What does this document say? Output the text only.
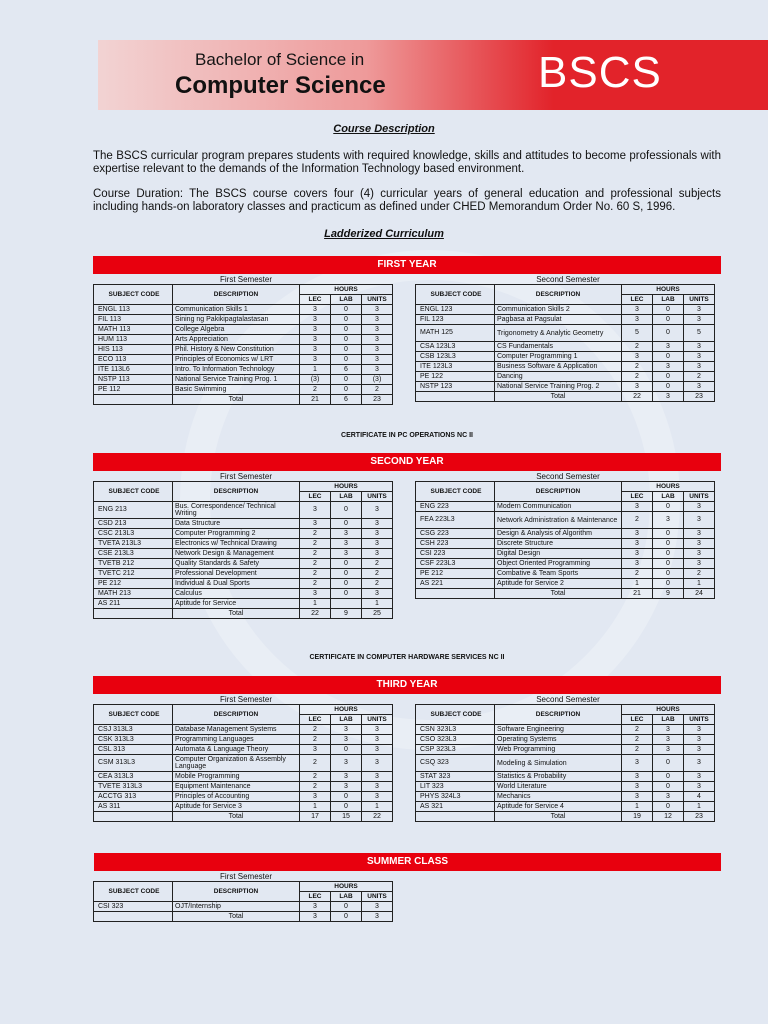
Bachelor of Science in
Computer Science	BSCS
Course Description
The BSCS curricular program prepares students with required knowledge, skills and attitudes to become professionals with expertise relevant to the demands of the Information Technology based environment.
Course Duration: The BSCS course covers four (4) curricular years of general education and professional subjects including hands-on laboratory classes and practicum as defined under CHED Memorandum Order No. 60 S, 1996.
Ladderized Curriculum
FIRST YEAR
First Semester
SUBJECT CODE	DESCRIPTION	HOURS		
		LEC	LAB	UNITS
ENGL 113	Communication Skills 1	3	0	3
FIL 113	Sining ng Pakikipagtalastasan	3	0	3
MATH 113	College Algebra	3	0	3
HUM 113	Arts Appreciation	3	0	3
HIS 113	Phil. History & New Constitution	3	0	3
ECO 113	Principles of Economics w/ LRT	3	0	3
ITE 113L6	Intro. To Information Technology	1	6	3
NSTP 113	National Service Training Prog. 1	(3)	0	(3)
PE 112	Basic Swimming	2	0	2
	Total	21	6	23
Second Semester
SUBJECT CODE	DESCRIPTION	HOURS		
		LEC	LAB	UNITS
ENGL 123	Communication Skills 2	3	0	3
FIL 123	Pagbasa at Pagsulat	3	0	3
MATH 125	Trigonometry & Analytic Geometry	5	0	5
CSA 123L3	CS Fundamentals	2	3	3
CSB 123L3	Computer Programming 1	3	0	3
ITE 123L3	Business Software & Application	2	3	3
PE 122	Dancing	2	0	2
NSTP 123	National Service Training Prog. 2	3	0	3
	Total	22	3	23
CERTIFICATE IN PC OPERATIONS NC II
SECOND YEAR
First Semester
SUBJECT CODE	DESCRIPTION	HOURS		
		LEC	LAB	UNITS
ENG 213	Bus. Correspondence/ Technical Writing	3	0	3
CSD 213	Data Structure	3	0	3
CSC 213L3	Computer Programming 2	2	3	3
TVETA 213L3	Electronics w/ Technical Drawing	2	3	3
CSE 213L3	Network Design & Management	2	3	3
TVETB 212	Quality Standards & Safety	2	0	2
TVETC 212	Professional Development	2	0	2
PE 212	Individual & Dual Sports	2	0	2
MATH 213	Calculus	3	0	3
AS 211	Aptitude for Service	1		1
	Total	22	9	25
Second Semester
SUBJECT CODE	DESCRIPTION	HOURS		
		LEC	LAB	UNITS
ENG 223	Modern Communication	3	0	3
FEA 223L3	Network Administration & Maintenance	2	3	3
CSG 223	Design & Analysis of Algorithm	3	0	3
CSH 223	Discrete Structure	3	0	3
CSI 223	Digital Design	3	0	3
CSF 223L3	Object Oriented Programming	3	0	3
PE 212	Combative & Team Sports	2	0	2
AS 221	Aptitude for Service 2	1	0	1
	Total	21	9	24
CERTIFICATE IN COMPUTER HARDWARE SERVICES NC II
THIRD YEAR
First Semester
SUBJECT CODE	DESCRIPTION	HOURS		
		LEC	LAB	UNITS
CSJ 313L3	Database Management Systems	2	3	3
CSK 313L3	Programming Languages	2	3	3
CSL 313	Automata & Language Theory	3	0	3
CSM 313L3	Computer Organization & Assembly Language	2	3	3
CEA 313L3	Mobile Programming	2	3	3
TVETE 313L3	Equipment Maintenance	2	3	3
ACCTG 313	Principles of Accounting	3	0	3
AS 311	Aptitude for Service 3	1	0	1
	Total	17	15	22
Second Semester
SUBJECT CODE	DESCRIPTION	HOURS		
		LEC	LAB	UNITS
CSN 323L3	Software Engineering	2	3	3
CSO 323L3	Operating Systems	2	3	3
CSP 323L3	Web Programming	2	3	3
CSQ 323	Modeling & Simulation	3	0	3
STAT 323	Statistics & Probability	3	0	3
LIT 323	World Literature	3	0	3
PHYS 324L3	Mechanics	3	3	4
AS 321	Aptitude for Service 4	1	0	1
	Total	19	12	23
SUMMER CLASS
First Semester
SUBJECT CODE	DESCRIPTION	HOURS		
		LEC	LAB	UNITS
CSI 323	OJT/Internship	3	0	3
	Total	3	0	3
